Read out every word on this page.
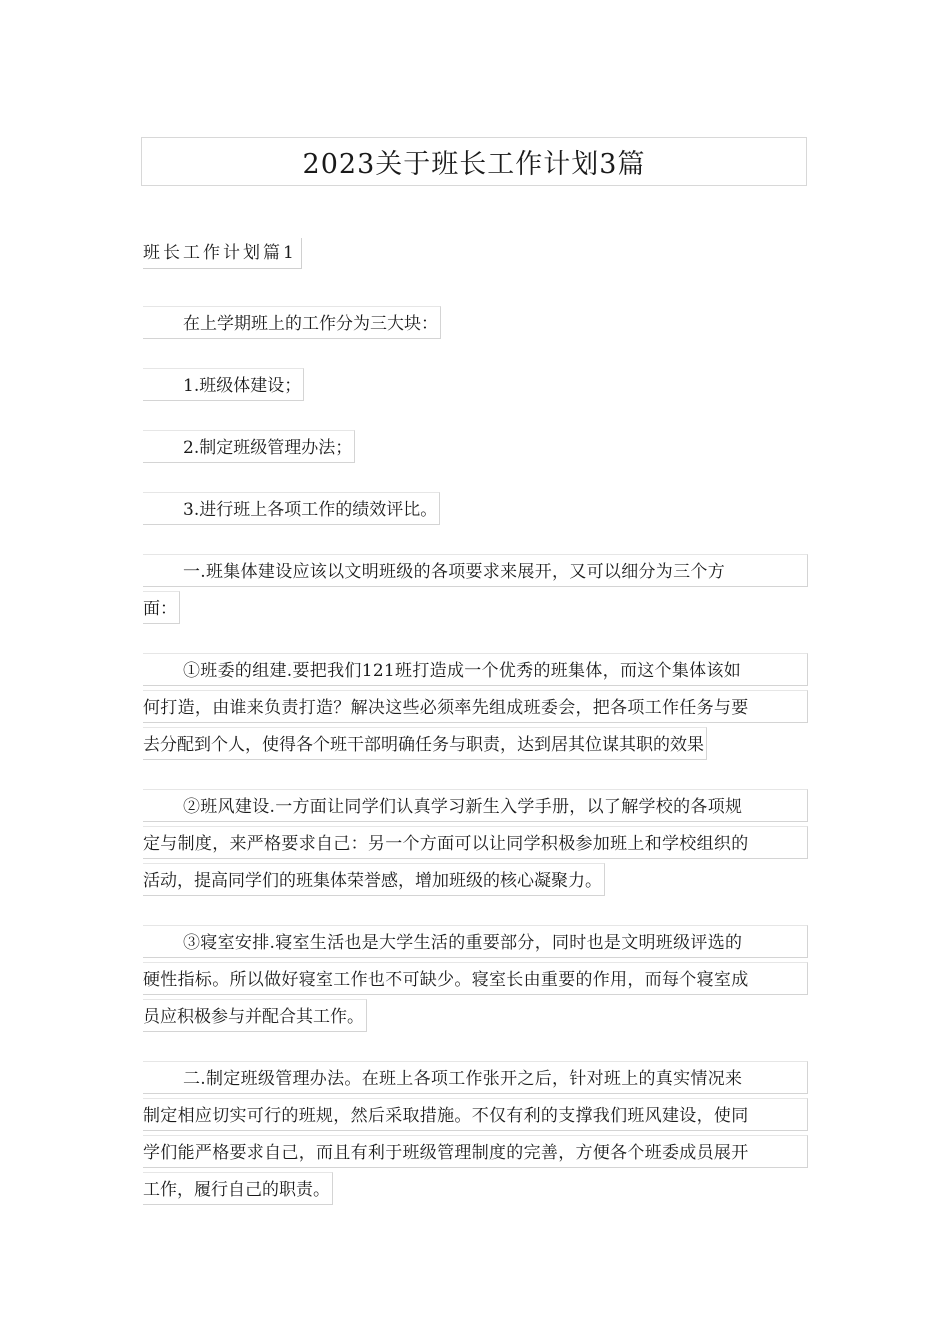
2023关于班长工作计划3篇
班长工作计划篇1
在上学期班上的工作分为三大块：
1.班级体建设；
2.制定班级管理办法；
3.进行班上各项工作的绩效评比。
一.班集体建设应该以文明班级的各项要求来展开，又可以细分为三个方
面：
①班委的组建.要把我们121班打造成一个优秀的班集体，而这个集体该如
何打造，由谁来负责打造？解决这些必须率先组成班委会，把各项工作任务与要
去分配到个人，使得各个班干部明确任务与职责，达到居其位谋其职的效果
②班风建设.一方面让同学们认真学习新生入学手册，以了解学校的各项规
定与制度，来严格要求自己：另一个方面可以让同学积极参加班上和学校组织的
活动，提高同学们的班集体荣誉感，增加班级的核心凝聚力。
③寝室安排.寝室生活也是大学生活的重要部分，同时也是文明班级评选的
硬性指标。所以做好寝室工作也不可缺少。寝室长由重要的作用，而每个寝室成
员应积极参与并配合其工作。
二.制定班级管理办法。在班上各项工作张开之后，针对班上的真实情况来
制定相应切实可行的班规，然后采取措施。不仅有利的支撑我们班风建设，使同
学们能严格要求自己，而且有利于班级管理制度的完善，方便各个班委成员展开
工作，履行自己的职责。
